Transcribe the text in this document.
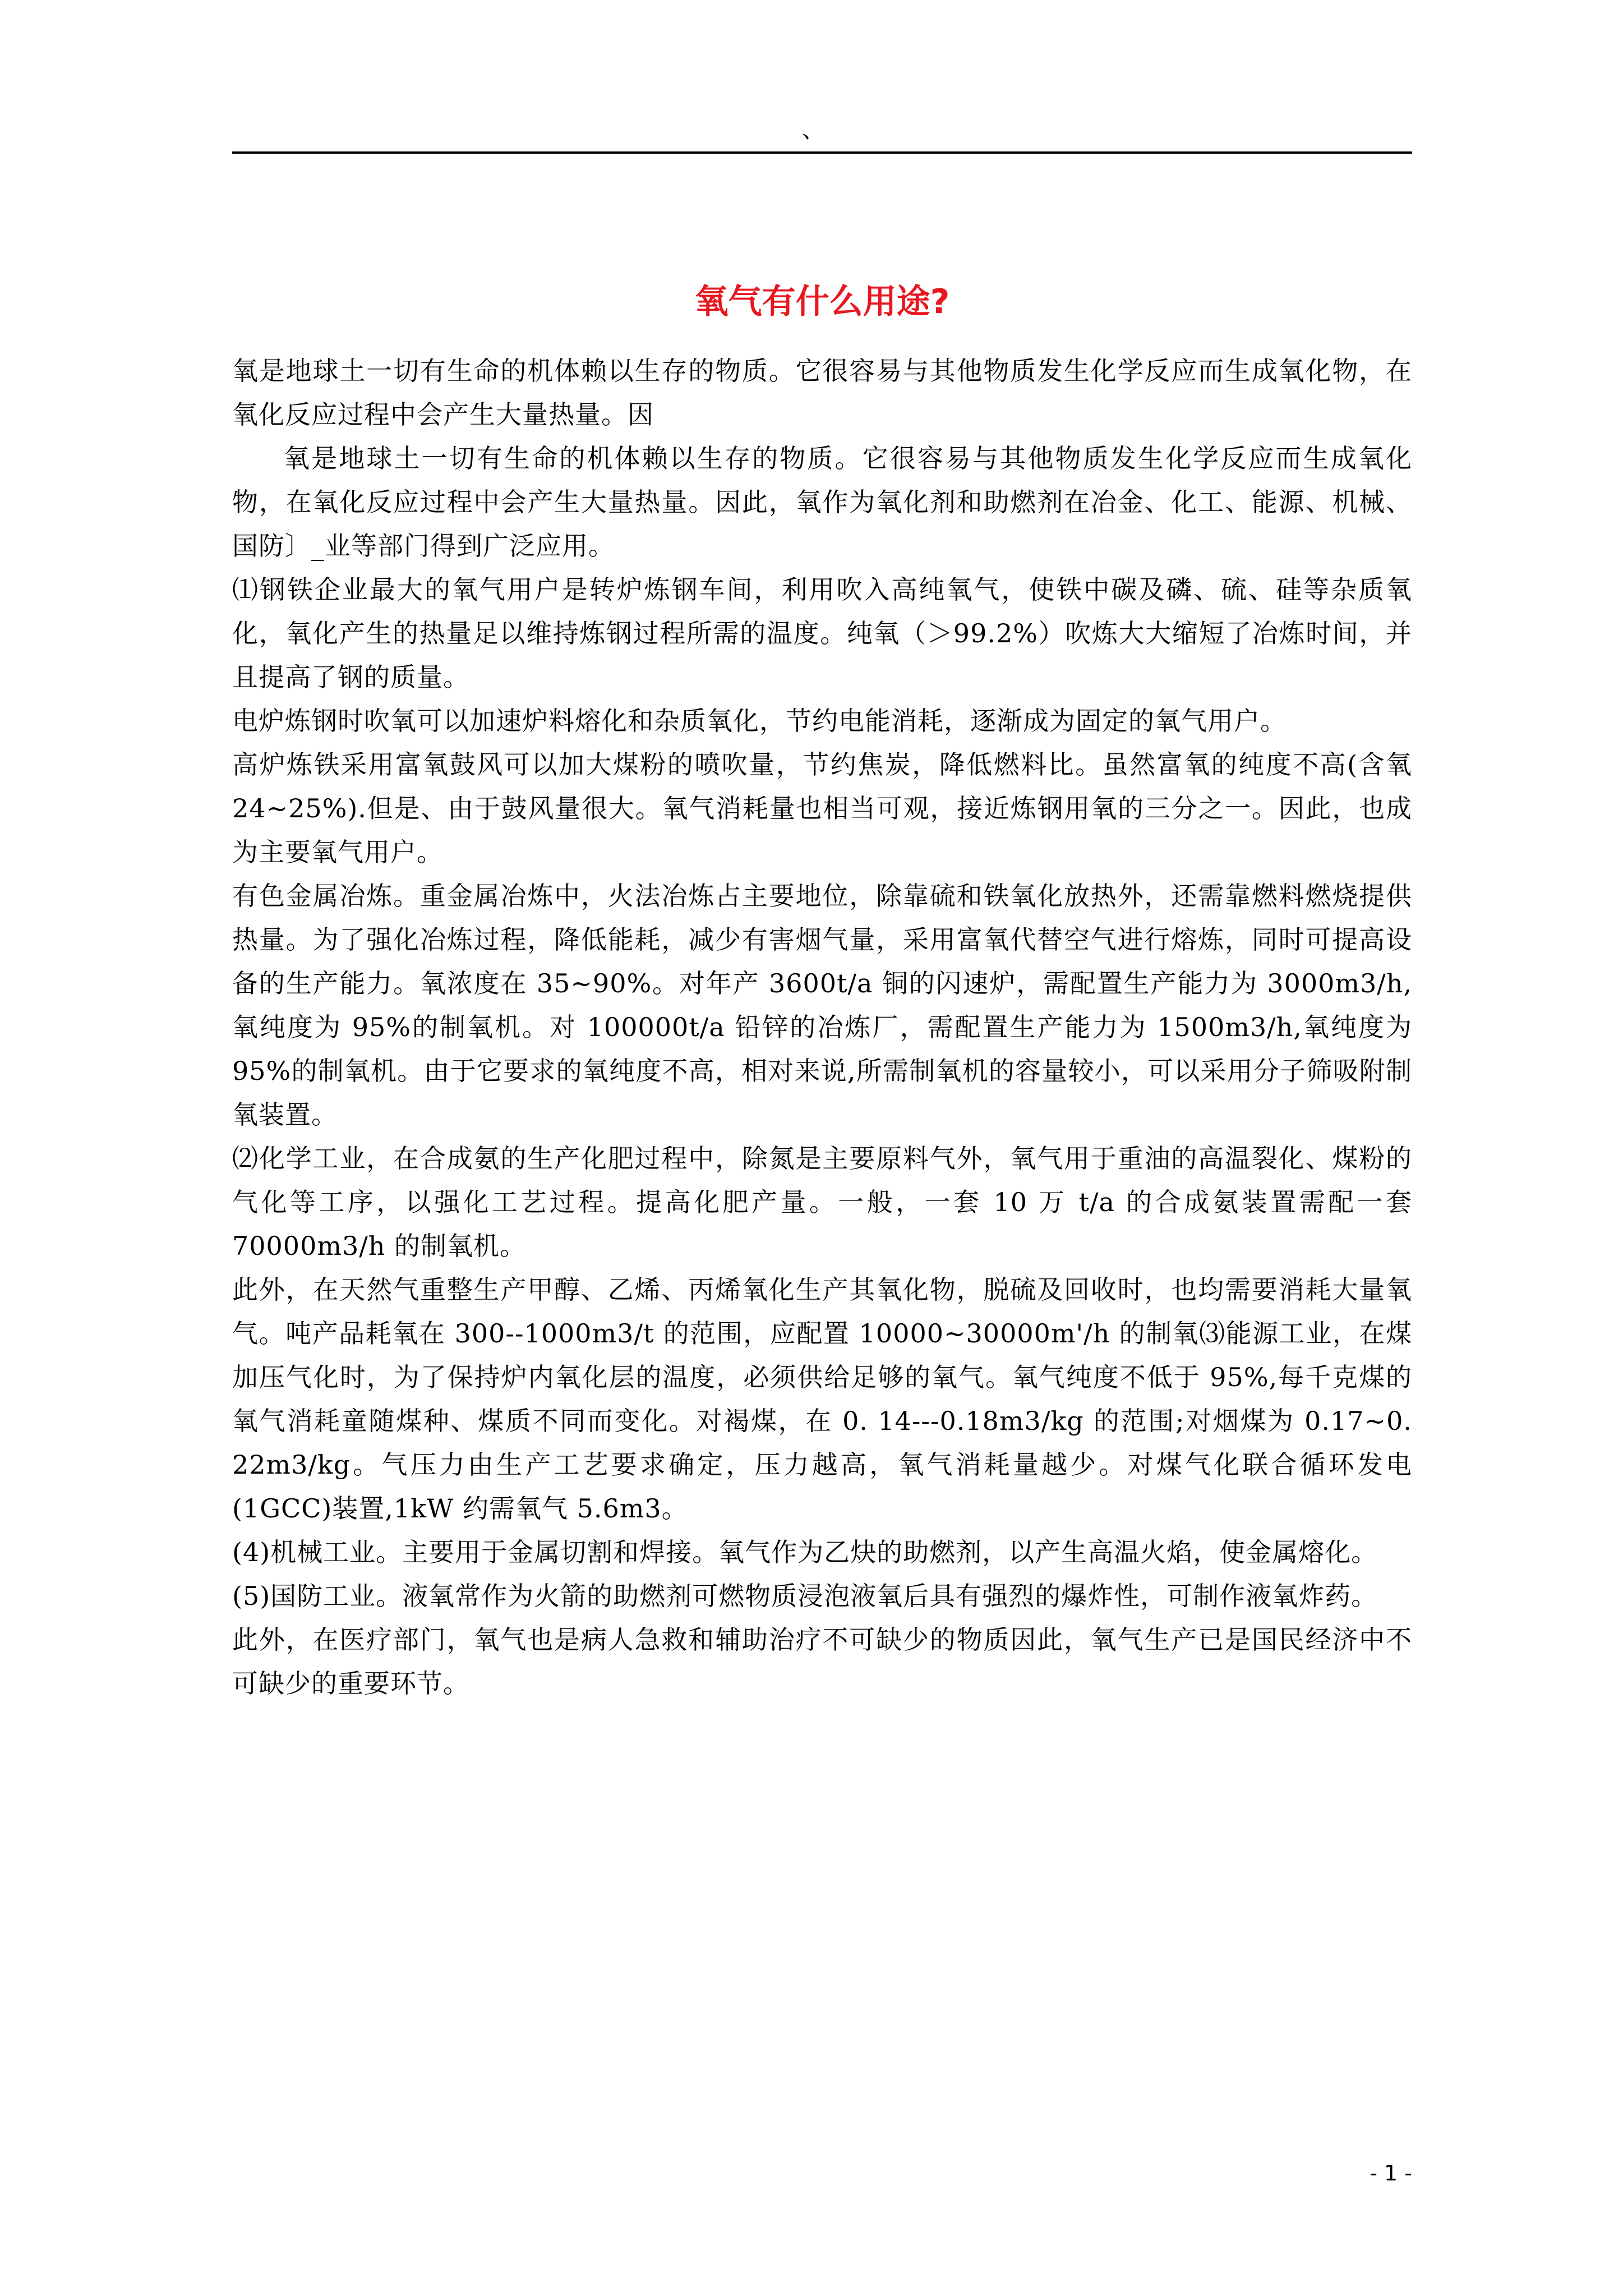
、
氧气有什么用途?

氧是地球土一切有生命的机体赖以生存的物质。它很容易与其他物质发生化学反应而生成氧化物，在氧化反应过程中会产生大量热量。因

氧是地球土一切有生命的机体赖以生存的物质。它很容易与其他物质发生化学反应而生成氧化物，在氧化反应过程中会产生大量热量。因此，氧作为氧化剂和助燃剂在冶金、化工、能源、机械、国防〕_业等部门得到广泛应用。

⑴钢铁企业最大的氧气用户是转炉炼钢车间，利用吹入高纯氧气，使铁中碳及磷、硫、硅等杂质氧化，氧化产生的热量足以维持炼钢过程所需的温度。纯氧（＞99.2%）吹炼大大缩短了冶炼时间，并且提高了钢的质量。

电炉炼钢时吹氧可以加速炉料熔化和杂质氧化，节约电能消耗，逐渐成为固定的氧气用户。

高炉炼铁采用富氧鼓风可以加大煤粉的喷吹量，节约焦炭，降低燃料比。虽然富氧的纯度不高(含氧 24~25%).但是、由于鼓风量很大。氧气消耗量也相当可观，接近炼钢用氧的三分之一。因此，也成为主要氧气用户。

有色金属冶炼。重金属冶炼中，火法冶炼占主要地位，除靠硫和铁氧化放热外，还需靠燃料燃烧提供热量。为了强化冶炼过程，降低能耗，减少有害烟气量，采用富氧代替空气进行熔炼，同时可提高设备的生产能力。氧浓度在 35~90%。对年产 3600t/a 铜的闪速炉，需配置生产能力为 3000m3/h,氧纯度为 95%的制氧机。对 100000t/a 铅锌的冶炼厂，需配置生产能力为 1500m3/h,氧纯度为 95%的制氧机。由于它要求的氧纯度不高，相对来说,所需制氧机的容量较小，可以采用分子筛吸附制氧装置。

⑵化学工业，在合成氨的生产化肥过程中，除氮是主要原料气外，氧气用于重油的高温裂化、煤粉的气化等工序，以强化工艺过程。提高化肥产量。一般，一套 10 万 t/a 的合成氨装置需配一套 70000m3/h 的制氧机。

此外，在天然气重整生产甲醇、乙烯、丙烯氧化生产其氧化物，脱硫及回收时，也均需要消耗大量氧气。吨产品耗氧在 300--1000m3/t 的范围，应配置 10000~30000m'/h 的制氧⑶能源工业，在煤加压气化时，为了保持炉内氧化层的温度，必须供给足够的氧气。氧气纯度不低于 95%,每千克煤的氧气消耗童随煤种、煤质不同而变化。对褐煤，在 0. 14---0.18m3/kg 的范围;对烟煤为 0.17~0. 22m3/kg。气压力由生产工艺要求确定，压力越高，氧气消耗量越少。对煤气化联合循环发电(1GCC)装置,1kW 约需氧气 5.6m3。

(4)机械工业。主要用于金属切割和焊接。氧气作为乙炔的助燃剂，以产生高温火焰，使金属熔化。

(5)国防工业。液氧常作为火箭的助燃剂可燃物质浸泡液氧后具有强烈的爆炸性，可制作液氧炸药。

此外，在医疗部门，氧气也是病人急救和辅助治疗不可缺少的物质因此，氧气生产已是国民经济中不可缺少的重要环节。

- 1 -
